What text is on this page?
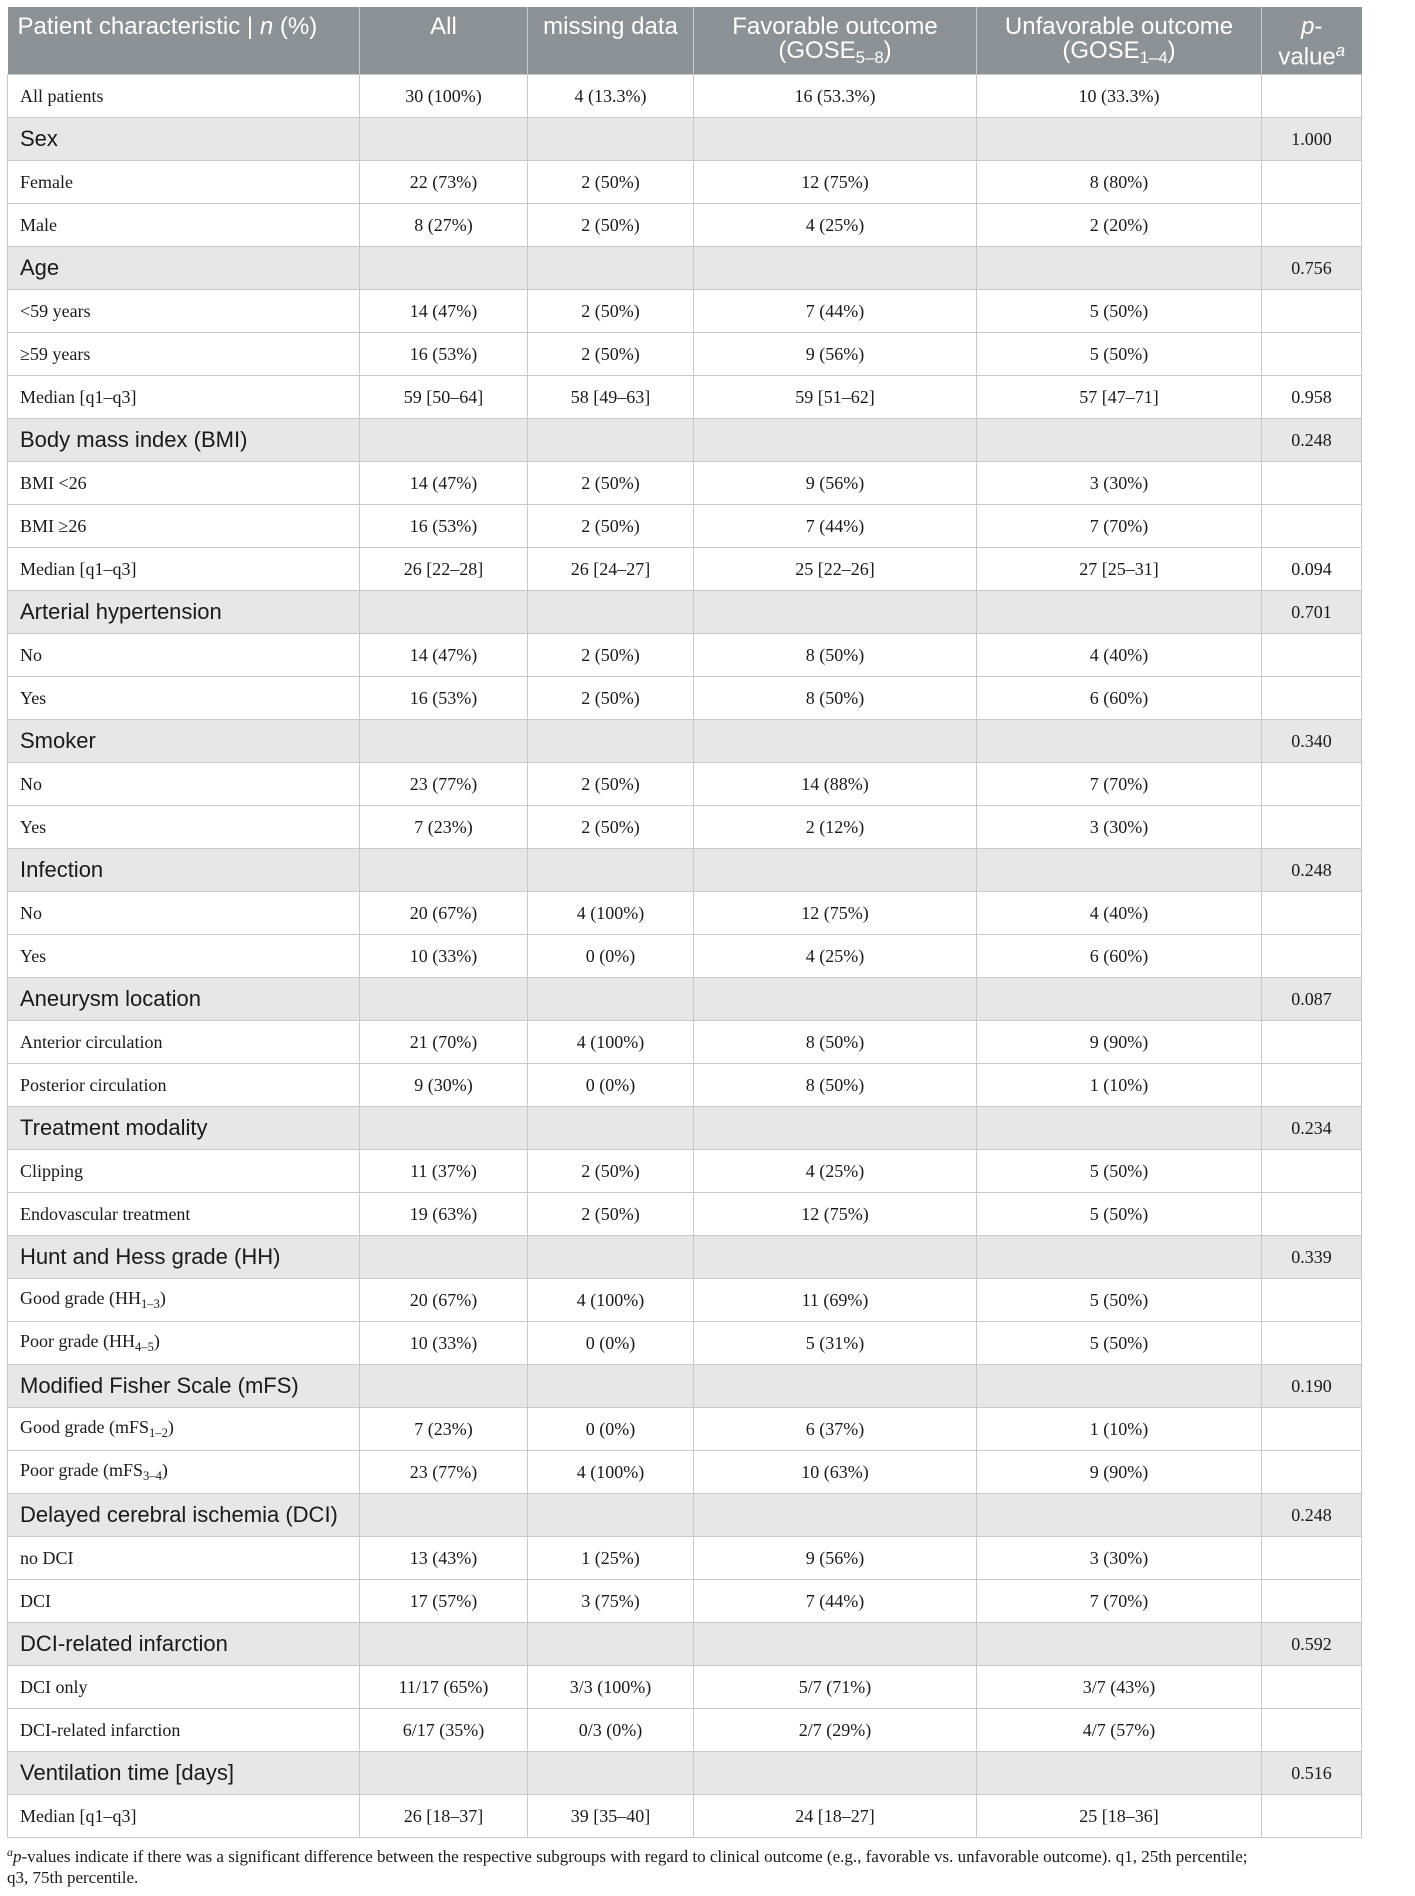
Patient characteristic | n (%)	All	missing data	Favorable outcome $(GOSE_{5-8})$	Unfavorable outcome $(GOSE_{1-4})$	p-value$^a$
All patients	30 (100%)	4 (13.3%)	16 (53.3%)	10 (33.3%)	
Sex					1.000
Female	22 (73%)	2 (50%)	12 (75%)	8 (80%)	
Male	8 (27%)	2 (50%)	4 (25%)	2 (20%)	
Age					0.756
<59 years	14 (47%)	2 (50%)	7 (44%)	5 (50%)	
≥59 years	16 (53%)	2 (50%)	9 (56%)	5 (50%)	
Median [q1–q3]	59 [50–64]	58 [49–63]	59 [51–62]	57 [47–71]	0.958
Body mass index (BMI)					0.248
BMI <26	14 (47%)	2 (50%)	9 (56%)	3 (30%)	
BMI ≥26	16 (53%)	2 (50%)	7 (44%)	7 (70%)	
Median [q1–q3]	26 [22–28]	26 [24–27]	25 [22–26]	27 [25–31]	0.094
Arterial hypertension					0.701
No	14 (47%)	2 (50%)	8 (50%)	4 (40%)	
Yes	16 (53%)	2 (50%)	8 (50%)	6 (60%)	
Smoker					0.340
No	23 (77%)	2 (50%)	14 (88%)	7 (70%)	
Yes	7 (23%)	2 (50%)	2 (12%)	3 (30%)	
Infection					0.248
No	20 (67%)	4 (100%)	12 (75%)	4 (40%)	
Yes	10 (33%)	0 (0%)	4 (25%)	6 (60%)	
Aneurysm location					0.087
Anterior circulation	21 (70%)	4 (100%)	8 (50%)	9 (90%)	
Posterior circulation	9 (30%)	0 (0%)	8 (50%)	1 (10%)	
Treatment modality					0.234
Clipping	11 (37%)	2 (50%)	4 (25%)	5 (50%)	
Endovascular treatment	19 (63%)	2 (50%)	12 (75%)	5 (50%)	
Hunt and Hess grade (HH)					0.339
Good grade $(HH_{1-3})$	20 (67%)	4 (100%)	11 (69%)	5 (50%)	
Poor grade $(HH_{4-5})$	10 (33%)	0 (0%)	5 (31%)	5 (50%)	
Modified Fisher Scale (mFS)					0.190
Good grade (mFS$_{1-2}$)	7 (23%)	0 (0%)	6 (37%)	1 (10%)	
Poor grade (mFS$_{3-4}$)	23 (77%)	4 (100%)	10 (63%)	9 (90%)	
Delayed cerebral ischemia (DCI)					0.248
no DCI	13 (43%)	1 (25%)	9 (56%)	3 (30%)	
DCI	17 (57%)	3 (75%)	7 (44%)	7 (70%)	
DCI-related infarction					0.592
DCI only	11/17 (65%)	3/3 (100%)	5/7 (71%)	3/7 (43%)	
DCI-related infarction	6/17 (35%)	0/3 (0%)	2/7 (29%)	4/7 (57%)	
Ventilation time [days]					0.516
Median [q1–q3]	26 [18–37]	39 [35–40]	24 [18–27]	25 [18–36]	
$^a$p-values indicate if there was a significant difference between the respective subgroups with regard to clinical outcome (e.g., favorable vs. unfavorable outcome). q1, 25th percentile; q3, 75th percentile.
